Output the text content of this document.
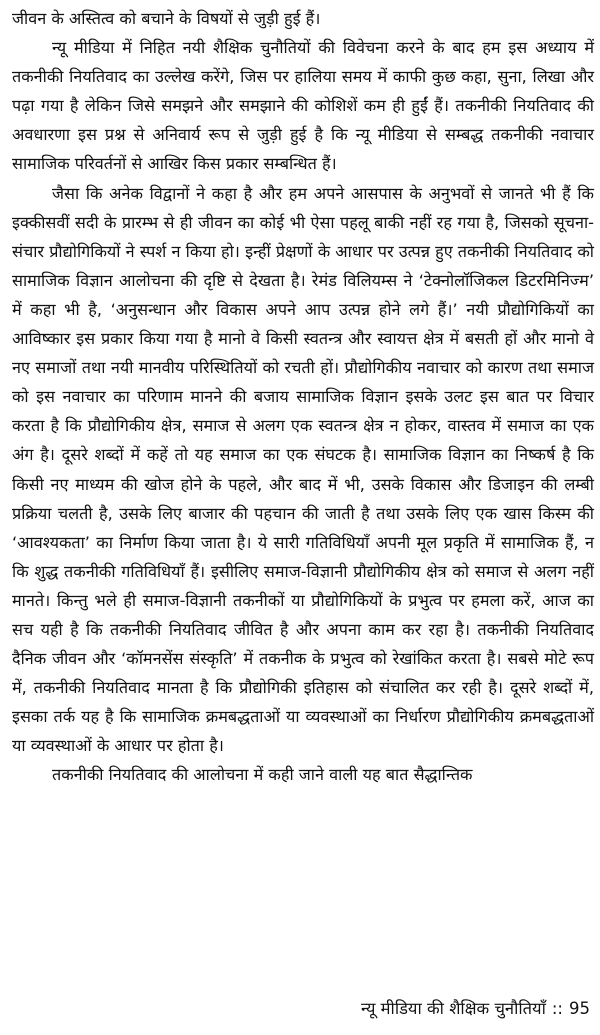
जीवन के अस्तित्व को बचाने के विषयों से जुड़ी हुई हैं।

न्यू मीडिया में निहित नयी शैक्षिक चुनौतियों की विवेचना करने के बाद हम इस अध्याय में तकनीकी नियतिवाद का उल्लेख करेंगे, जिस पर हालिया समय में काफी कुछ कहा, सुना, लिखा और पढ़ा गया है लेकिन जिसे समझने और समझाने की कोशिशें कम ही हुईं हैं। तकनीकी नियतिवाद की अवधारणा इस प्रश्न से अनिवार्य रूप से जुड़ी हुई है कि न्यू मीडिया से सम्बद्ध तकनीकी नवाचार सामाजिक परिवर्तनों से आखिर किस प्रकार सम्बन्धित हैं।

जैसा कि अनेक विद्वानों ने कहा है और हम अपने आसपास के अनुभवों से जानते भी हैं कि इक्कीसवीं सदी के प्रारम्भ से ही जीवन का कोई भी ऐसा पहलू बाकी नहीं रह गया है, जिसको सूचना-संचार प्रौद्योगिकियों ने स्पर्श न किया हो। इन्हीं प्रेक्षणों के आधार पर उत्पन्न हुए तकनीकी नियतिवाद को सामाजिक विज्ञान आलोचना की दृष्टि से देखता है। रेमंड विलियम्स ने ‘टेक्नोलॉजिकल डिटरमिनिज्म’ में कहा भी है, ‘अनुसन्धान और विकास अपने आप उत्पन्न होने लगे हैं।’ नयी प्रौद्योगिकियों का आविष्कार इस प्रकार किया गया है मानो वे किसी स्वतन्त्र और स्वायत्त क्षेत्र में बसती हों और मानो वे नए समाजों तथा नयी मानवीय परिस्थितियों को रचती हों। प्रौद्योगिकीय नवाचार को कारण तथा समाज को इस नवाचार का परिणाम मानने की बजाय सामाजिक विज्ञान इसके उलट इस बात पर विचार करता है कि प्रौद्योगिकीय क्षेत्र, समाज से अलग एक स्वतन्त्र क्षेत्र न होकर, वास्तव में समाज का एक अंग है। दूसरे शब्दों में कहें तो यह समाज का एक संघटक है। सामाजिक विज्ञान का निष्कर्ष है कि किसी नए माध्यम की खोज होने के पहले, और बाद में भी, उसके विकास और डिजाइन की लम्बी प्रक्रिया चलती है, उसके लिए बाजार की पहचान की जाती है तथा उसके लिए एक खास किस्म की ‘आवश्यकता’ का निर्माण किया जाता है। ये सारी गतिविधियाँ अपनी मूल प्रकृति में सामाजिक हैं, न कि शुद्ध तकनीकी गतिविधियाँ हैं। इसीलिए समाज-विज्ञानी प्रौद्योगिकीय क्षेत्र को समाज से अलग नहीं मानते। किन्तु भले ही समाज-विज्ञानी तकनीकों या प्रौद्योगिकियों के प्रभुत्व पर हमला करें, आज का सच यही है कि तकनीकी नियतिवाद जीवित है और अपना काम कर रहा है। तकनीकी नियतिवाद दैनिक जीवन और ‘कॉमनसेंस संस्कृति’ में तकनीक के प्रभुत्व को रेखांकित करता है। सबसे मोटे रूप में, तकनीकी नियतिवाद मानता है कि प्रौद्योगिकी इतिहास को संचालित कर रही है। दूसरे शब्दों में, इसका तर्क यह है कि सामाजिक क्रमबद्धताओं या व्यवस्थाओं का निर्धारण प्रौद्योगिकीय क्रमबद्धताओं या व्यवस्थाओं के आधार पर होता है।

तकनीकी नियतिवाद की आलोचना में कही जाने वाली यह बात सैद्धान्तिक

न्यू मीडिया की शैक्षिक चुनौतियाँ :: 95
